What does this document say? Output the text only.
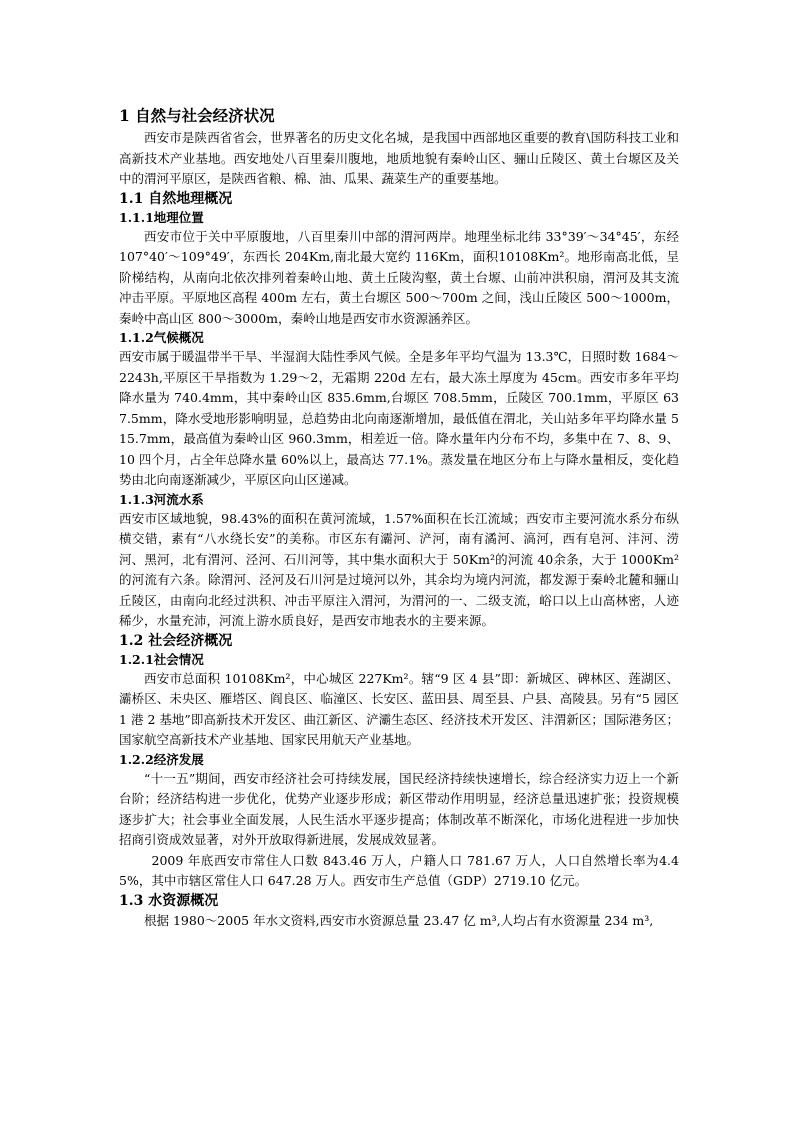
1 自然与社会经济状况

西安市是陕西省省会，世界著名的历史文化名城，是我国中西部地区重要的教育\国防科技工业和高新技术产业基地。西安地处八百里秦川腹地，地质地貌有秦岭山区、骊山丘陵区、黄土台塬区及关中的渭河平原区，是陕西省粮、棉、油、瓜果、蔬菜生产的重要基地。

1.1 自然地理概况
1.1.1地理位置

西安市位于关中平原腹地，八百里秦川中部的渭河两岸。地理坐标北纬 33°39′～34°45′，东经 107°40′～109°49′，东西长 204Km,南北最大宽约 116Km，面积10108Km²。地形南高北低，呈阶梯结构，从南向北依次排列着秦岭山地、黄土丘陵沟壑，黄土台塬、山前冲洪积扇，渭河及其支流冲击平原。平原地区高程 400m 左右，黄土台塬区 500～700m 之间，浅山丘陵区 500～1000m，秦岭中高山区 800～3000m，秦岭山地是西安市水资源涵养区。

1.1.2气候概况

西安市属于暖温带半干旱、半湿润大陆性季风气候。全是多年平均气温为 13.3℃，日照时数 1684～2243h,平原区干旱指数为 1.29～2，无霜期 220d 左右，最大冻土厚度为 45cm。西安市多年平均降水量为 740.4mm，其中秦岭山区 835.6mm,台塬区 708.5mm，丘陵区 700.1mm，平原区 637.5mm，降水受地形影响明显，总趋势由北向南逐渐增加，最低值在渭北，关山站多年平均降水量 515.7mm，最高值为秦岭山区 960.3mm，相差近一倍。降水量年内分布不均，多集中在 7、8、9、10 四个月，占全年总降水量 60%以上，最高达 77.1%。蒸发量在地区分布上与降水量相反，变化趋势由北向南逐渐减少，平原区向山区递减。

1.1.3河流水系

西安市区域地貌，98.43%的面积在黄河流域，1.57%面积在长江流域；西安市主要河流水系分布纵横交错，素有“八水绕长安”的美称。市区东有灞河、浐河，南有潏河、滈河，西有皂河、沣河、涝河、黑河，北有渭河、泾河、石川河等，其中集水面积大于 50Km²的河流 40余条，大于 1000Km²的河流有六条。除渭河、泾河及石川河是过境河以外，其余均为境内河流，都发源于秦岭北麓和骊山丘陵区，由南向北经过洪积、冲击平原注入渭河，为渭河的一、二级支流，峪口以上山高林密，人迹稀少，水量充沛，河流上游水质良好，是西安市地表水的主要来源。

1.2 社会经济概况
1.2.1社会情况

西安市总面积 10108Km²，中心城区 227Km²。辖“9 区 4 县”即：新城区、碑林区、莲湖区、灞桥区、未央区、雁塔区、阎良区、临潼区、长安区、蓝田县、周至县、户县、高陵县。另有“5 园区 1 港 2 基地”即高新技术开发区、曲江新区、浐灞生态区、经济技术开发区、沣渭新区；国际港务区；国家航空高新技术产业基地、国家民用航天产业基地。

1.2.2经济发展

“十一五”期间，西安市经济社会可持续发展，国民经济持续快速增长，综合经济实力迈上一个新台阶；经济结构进一步优化，优势产业逐步形成；新区带动作用明显，经济总量迅速扩张；投资规模逐步扩大；社会事业全面发展，人民生活水平逐步提高；体制改革不断深化，市场化进程进一步加快 招商引资成效显著，对外开放取得新进展，发展成效显著。

2009 年底西安市常住人口数 843.46 万人，户籍人口 781.67 万人，人口自然增长率为4.45%，其中市辖区常住人口 647.28 万人。西安市生产总值（GDP）2719.10 亿元。

1.3 水资源概况

根据 1980～2005 年水文资料,西安市水资源总量 23.47 亿 m³,人均占有水资源量 234 m³,
